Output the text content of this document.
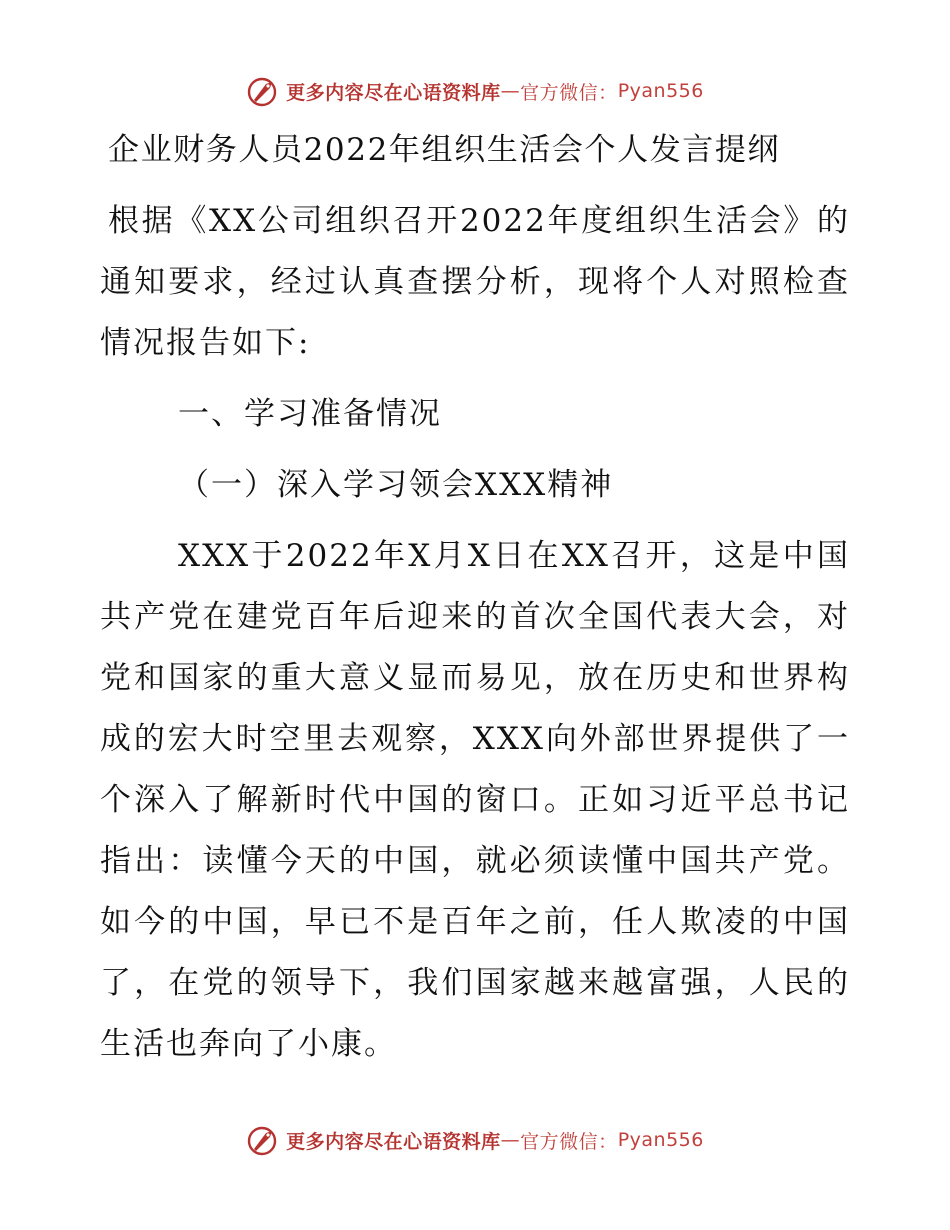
更多内容尽在心语资料库 — 官方微信： Pyan556
企业财务人员2022年组织生活会个人发言提纲

根据《XX公司组织召开2022年度组织生活会》的通知要求，经过认真查摆分析，现将个人对照检查情况报告如下:

一、学习准备情况

（一）深入学习领会XXX精神

XXX于2022年X月X日在XX召开，这是中国共产党在建党百年后迎来的首次全国代表大会，对党和国家的重大意义显而易见，放在历史和世界构成的宏大时空里去观察，XXX向外部世界提供了一个深入了解新时代中国的窗口。正如习近平总书记指出：读懂今天的中国，就必须读懂中国共产党。如今的中国，早已不是百年之前，任人欺凌的中国了，在党的领导下，我们国家越来越富强，人民的生活也奔向了小康。

更多内容尽在心语资料库 — 官方微信： Pyan556
